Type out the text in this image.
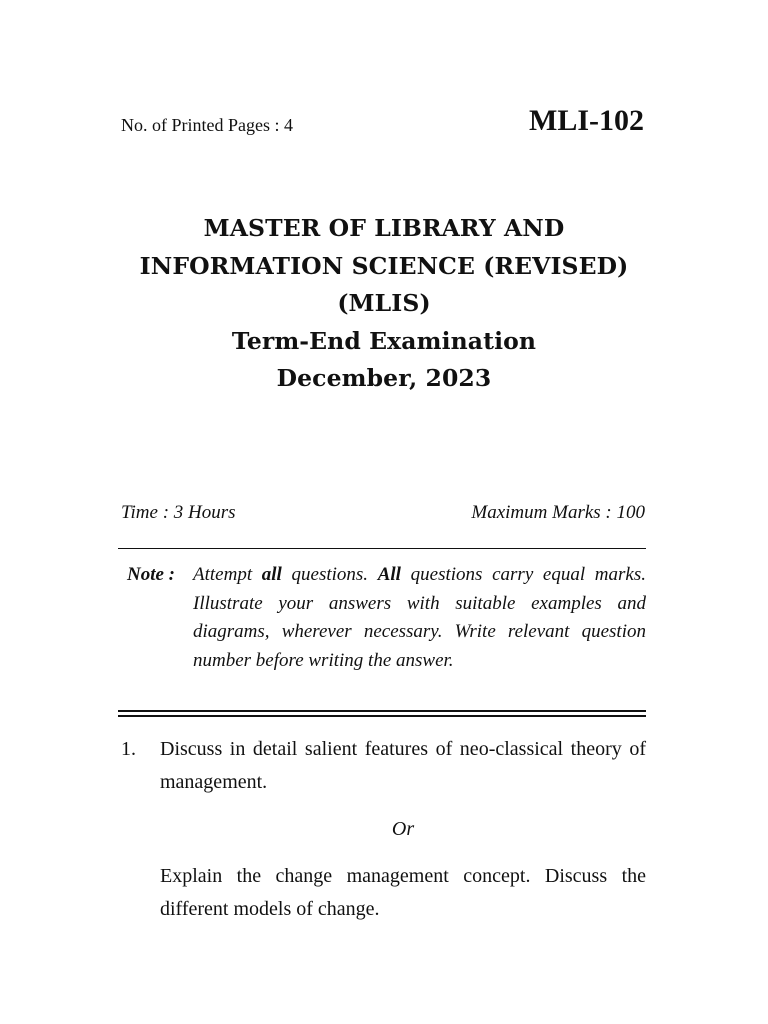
No. of Printed Pages : 4	MLI-102
MASTER OF LIBRARY AND
INFORMATION SCIENCE (REVISED)
(MLIS)
Term-End Examination
December, 2023
Time : 3 Hours	Maximum Marks : 100
Note : Attempt all questions. All questions carry equal marks. Illustrate your answers with suitable examples and diagrams, wherever necessary. Write relevant question number before writing the answer.
1. Discuss in detail salient features of neo-classical theory of management.
Or
Explain the change management concept. Discuss the different models of change.
